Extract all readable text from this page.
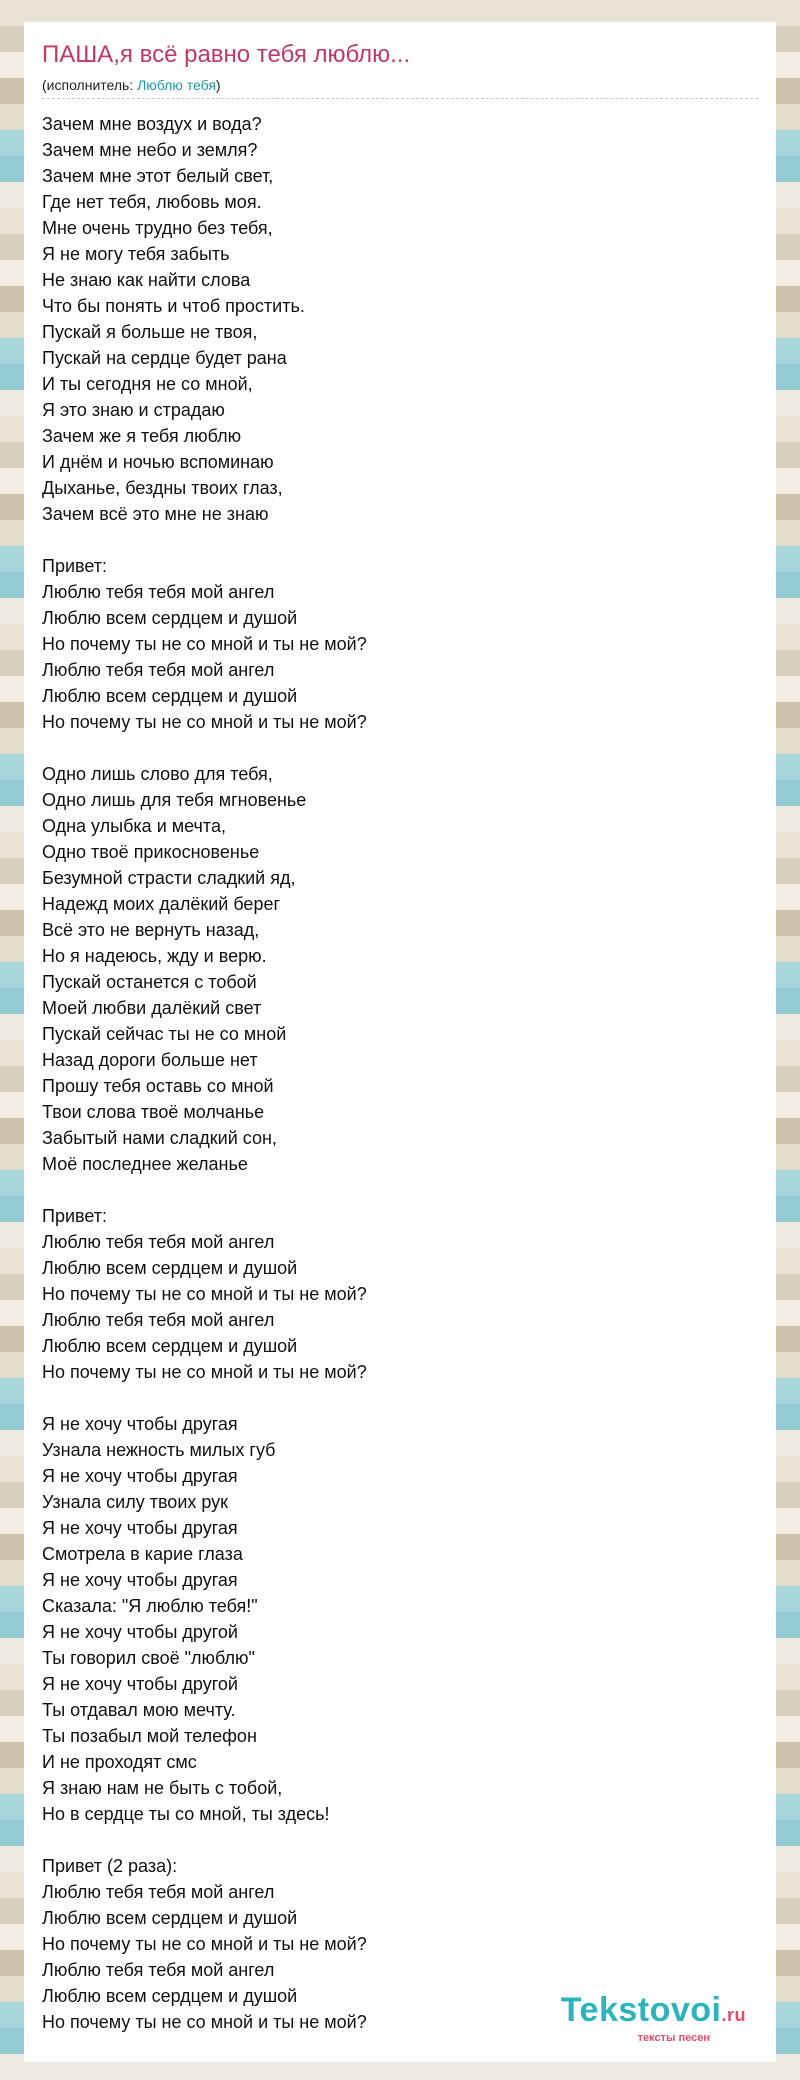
ПАША,я всё равно тебя люблю...
(исполнитель: Люблю тебя)
Зачем мне воздух и вода?
Зачем мне небо и земля?
Зачем мне этот белый свет,
Где нет тебя, любовь моя.
Мне очень трудно без тебя,
Я не могу тебя забыть
Не знаю как найти слова
Что бы понять и чтоб простить.
Пускай я больше не твоя,
Пускай на сердце будет рана
И ты сегодня не со мной,
Я это знаю и страдаю
Зачем же я тебя люблю
И днём и ночью вспоминаю
Дыханье, бездны твоих глаз,
Зачем всё это мне не знаю

Привет:
Люблю тебя тебя мой ангел
Люблю всем сердцем и душой
Но почему ты не со мной и ты не мой?
Люблю тебя тебя мой ангел
Люблю всем сердцем и душой
Но почему ты не со мной и ты не мой?

Одно лишь слово для тебя,
Одно лишь для тебя мгновенье
Одна улыбка и мечта,
Одно твоё прикосновенье
Безумной страсти сладкий яд,
Надежд моих далёкий берег
Всё это не вернуть назад,
Но я надеюсь, жду и верю.
Пускай останется с тобой
Моей любви далёкий свет
Пускай сейчас ты не со мной
Назад дороги больше нет
Прошу тебя оставь со мной
Твои слова твоё молчанье
Забытый нами сладкий сон,
Моё последнее желанье

Привет:
Люблю тебя тебя мой ангел
Люблю всем сердцем и душой
Но почему ты не со мной и ты не мой?
Люблю тебя тебя мой ангел
Люблю всем сердцем и душой
Но почему ты не со мной и ты не мой?

Я не хочу чтобы другая
Узнала нежность милых губ
Я не хочу чтобы другая
Узнала силу твоих рук
Я не хочу чтобы другая
Смотрела в карие глаза
Я не хочу чтобы другая
Сказала: "Я люблю тебя!"
Я не хочу чтобы другой
Ты говорил своё "люблю"
Я не хочу чтобы другой
Ты отдавал мою мечту.
Ты позабыл мой телефон
И не проходят смс
Я знаю нам не быть с тобой,
Но в сердце ты со мной, ты здесь!

Привет (2 раза):
Люблю тебя тебя мой ангел
Люблю всем сердцем и душой
Но почему ты не со мной и ты не мой?
Люблю тебя тебя мой ангел
Люблю всем сердцем и душой
Но почему ты не со мной и ты не мой?	Tekstovoi.ru
тексты песен
